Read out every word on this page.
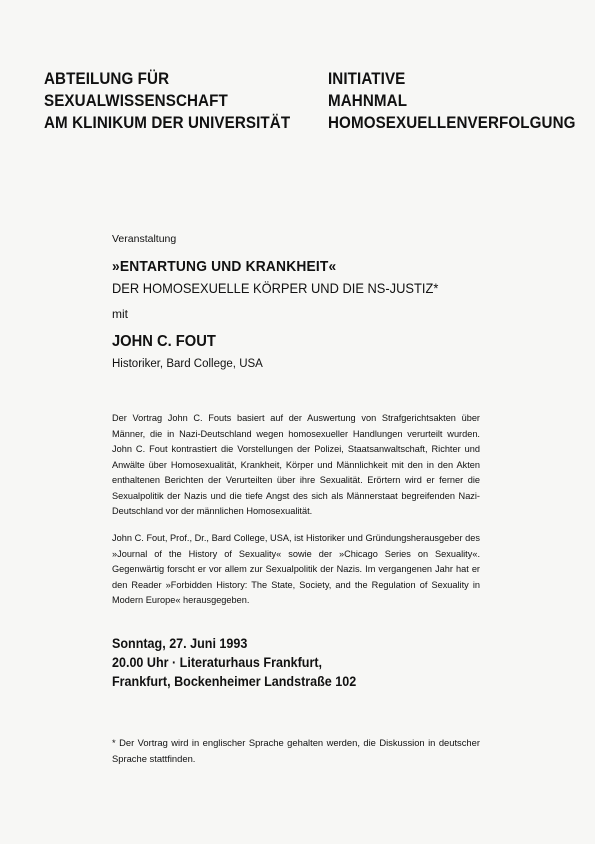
ABTEILUNG FÜR
SEXUALWISSENSCHAFT
AM KLINIKUM DER UNIVERSITÄT
INITIATIVE
MAHNMAL
HOMOSEXUELLENVERFOLGUNG
Veranstaltung
»ENTARTUNG UND KRANKHEIT«
DER HOMOSEXUELLE KÖRPER UND DIE NS-JUSTIZ*
mit
JOHN C. FOUT
Historiker, Bard College, USA

Der Vortrag John C. Fouts basiert auf der Auswertung von Strafgerichtsakten über Männer, die in Nazi-Deutschland wegen homosexueller Handlungen verurteilt wurden. John C. Fout kontrastiert die Vorstellungen der Polizei, Staatsanwaltschaft, Richter und Anwälte über Homosexualität, Krankheit, Körper und Männlichkeit mit den in den Akten enthaltenen Berichten der Verurteilten über ihre Sexualität. Erörtern wird er ferner die Sexualpolitik der Nazis und die tiefe Angst des sich als Männerstaat begreifenden Nazi-Deutschland vor der männlichen Homosexualität.

John C. Fout, Prof., Dr., Bard College, USA, ist Historiker und Gründungsherausgeber des »Journal of the History of Sexuality« sowie der »Chicago Series on Sexuality«. Gegenwärtig forscht er vor allem zur Sexualpolitik der Nazis. Im vergangenen Jahr hat er den Reader »Forbidden History: The State, Society, and the Regulation of Sexuality in Modern Europe« herausgegeben.

Sonntag, 27. Juni 1993
20.00 Uhr · Literaturhaus Frankfurt,
Frankfurt, Bockenheimer Landstraße 102

* Der Vortrag wird in englischer Sprache gehalten werden, die Diskussion in deutscher Sprache stattfinden.
